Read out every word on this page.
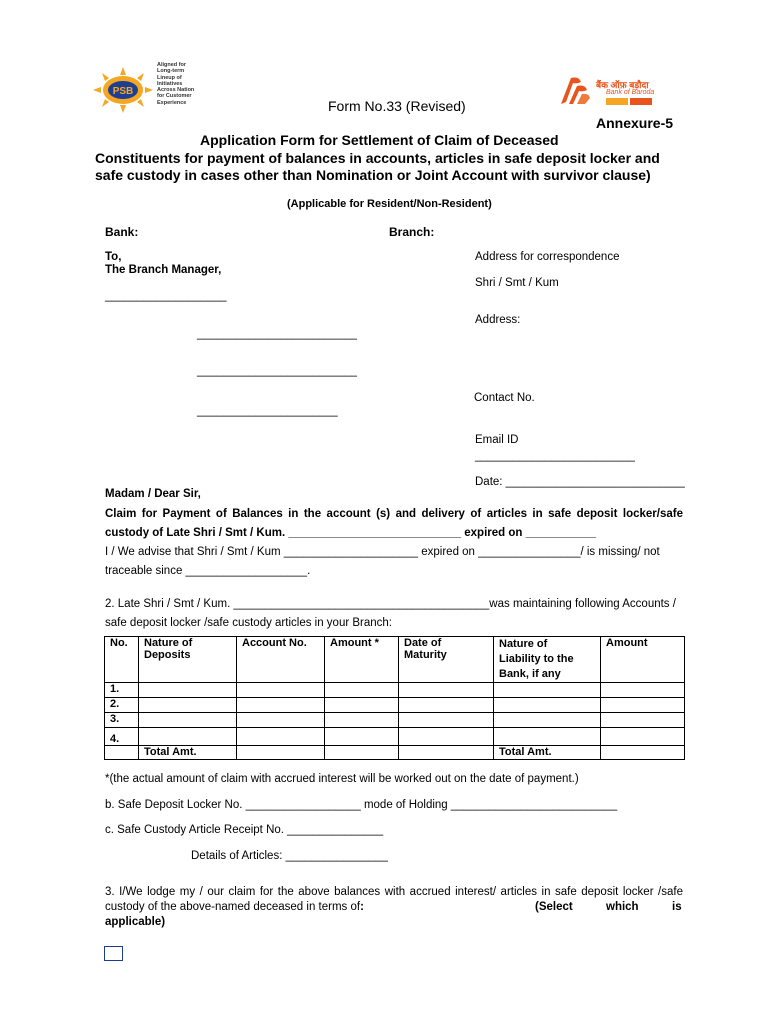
PSB
Aligned for Long-term Lineup of Initiatives Across Nation for Customer Experience
बैंक ऑफ़ बड़ौदा
Bank of Baroda
Form No.33 (Revised)
Annexure-5
Application Form for Settlement of Claim of Deceased
Constituents for payment of balances in accounts, articles in safe deposit locker and safe custody in cases other than Nomination or Joint Account with survivor clause)
(Applicable for Resident/Non-Resident)
Bank:	Branch:
To,
The Branch Manager,
___________________
_________________________
_________________________
______________________
Address for correspondence
Shri / Smt / Kum
Address:
Contact No.
Email ID
_________________________
Date: ____________________________
Madam / Dear Sir,
Claim for Payment of Balances in the account (s) and delivery of articles in safe deposit locker/safe
custody of Late Shri / Smt / Kum. ___________________________ expired on ___________
I / We advise that Shri / Smt / Kum _____________________ expired on ________________/ is missing/ not
traceable since ___________________.
2. Late Shri / Smt / Kum. ________________________________________was maintaining following Accounts /
safe deposit locker /safe custody articles in your Branch:
No.	Nature of Deposits	Account No.	Amount *	Date of Maturity	Nature of Liability to the Bank, if any	Amount
1.						
2.						
3.						
4.						
	Total Amt.				Total Amt.	
*(the actual amount of claim with accrued interest will be worked out on the date of payment.)
b. Safe Deposit Locker No. __________________ mode of Holding __________________________
c. Safe Custody Article Receipt No. _______________
Details of Articles: ________________
3. I/We lodge my / our claim for the above balances with accrued interest/ articles in safe deposit locker /safe
custody of the above-named deceased in terms of:	(Select	which	is
applicable)
